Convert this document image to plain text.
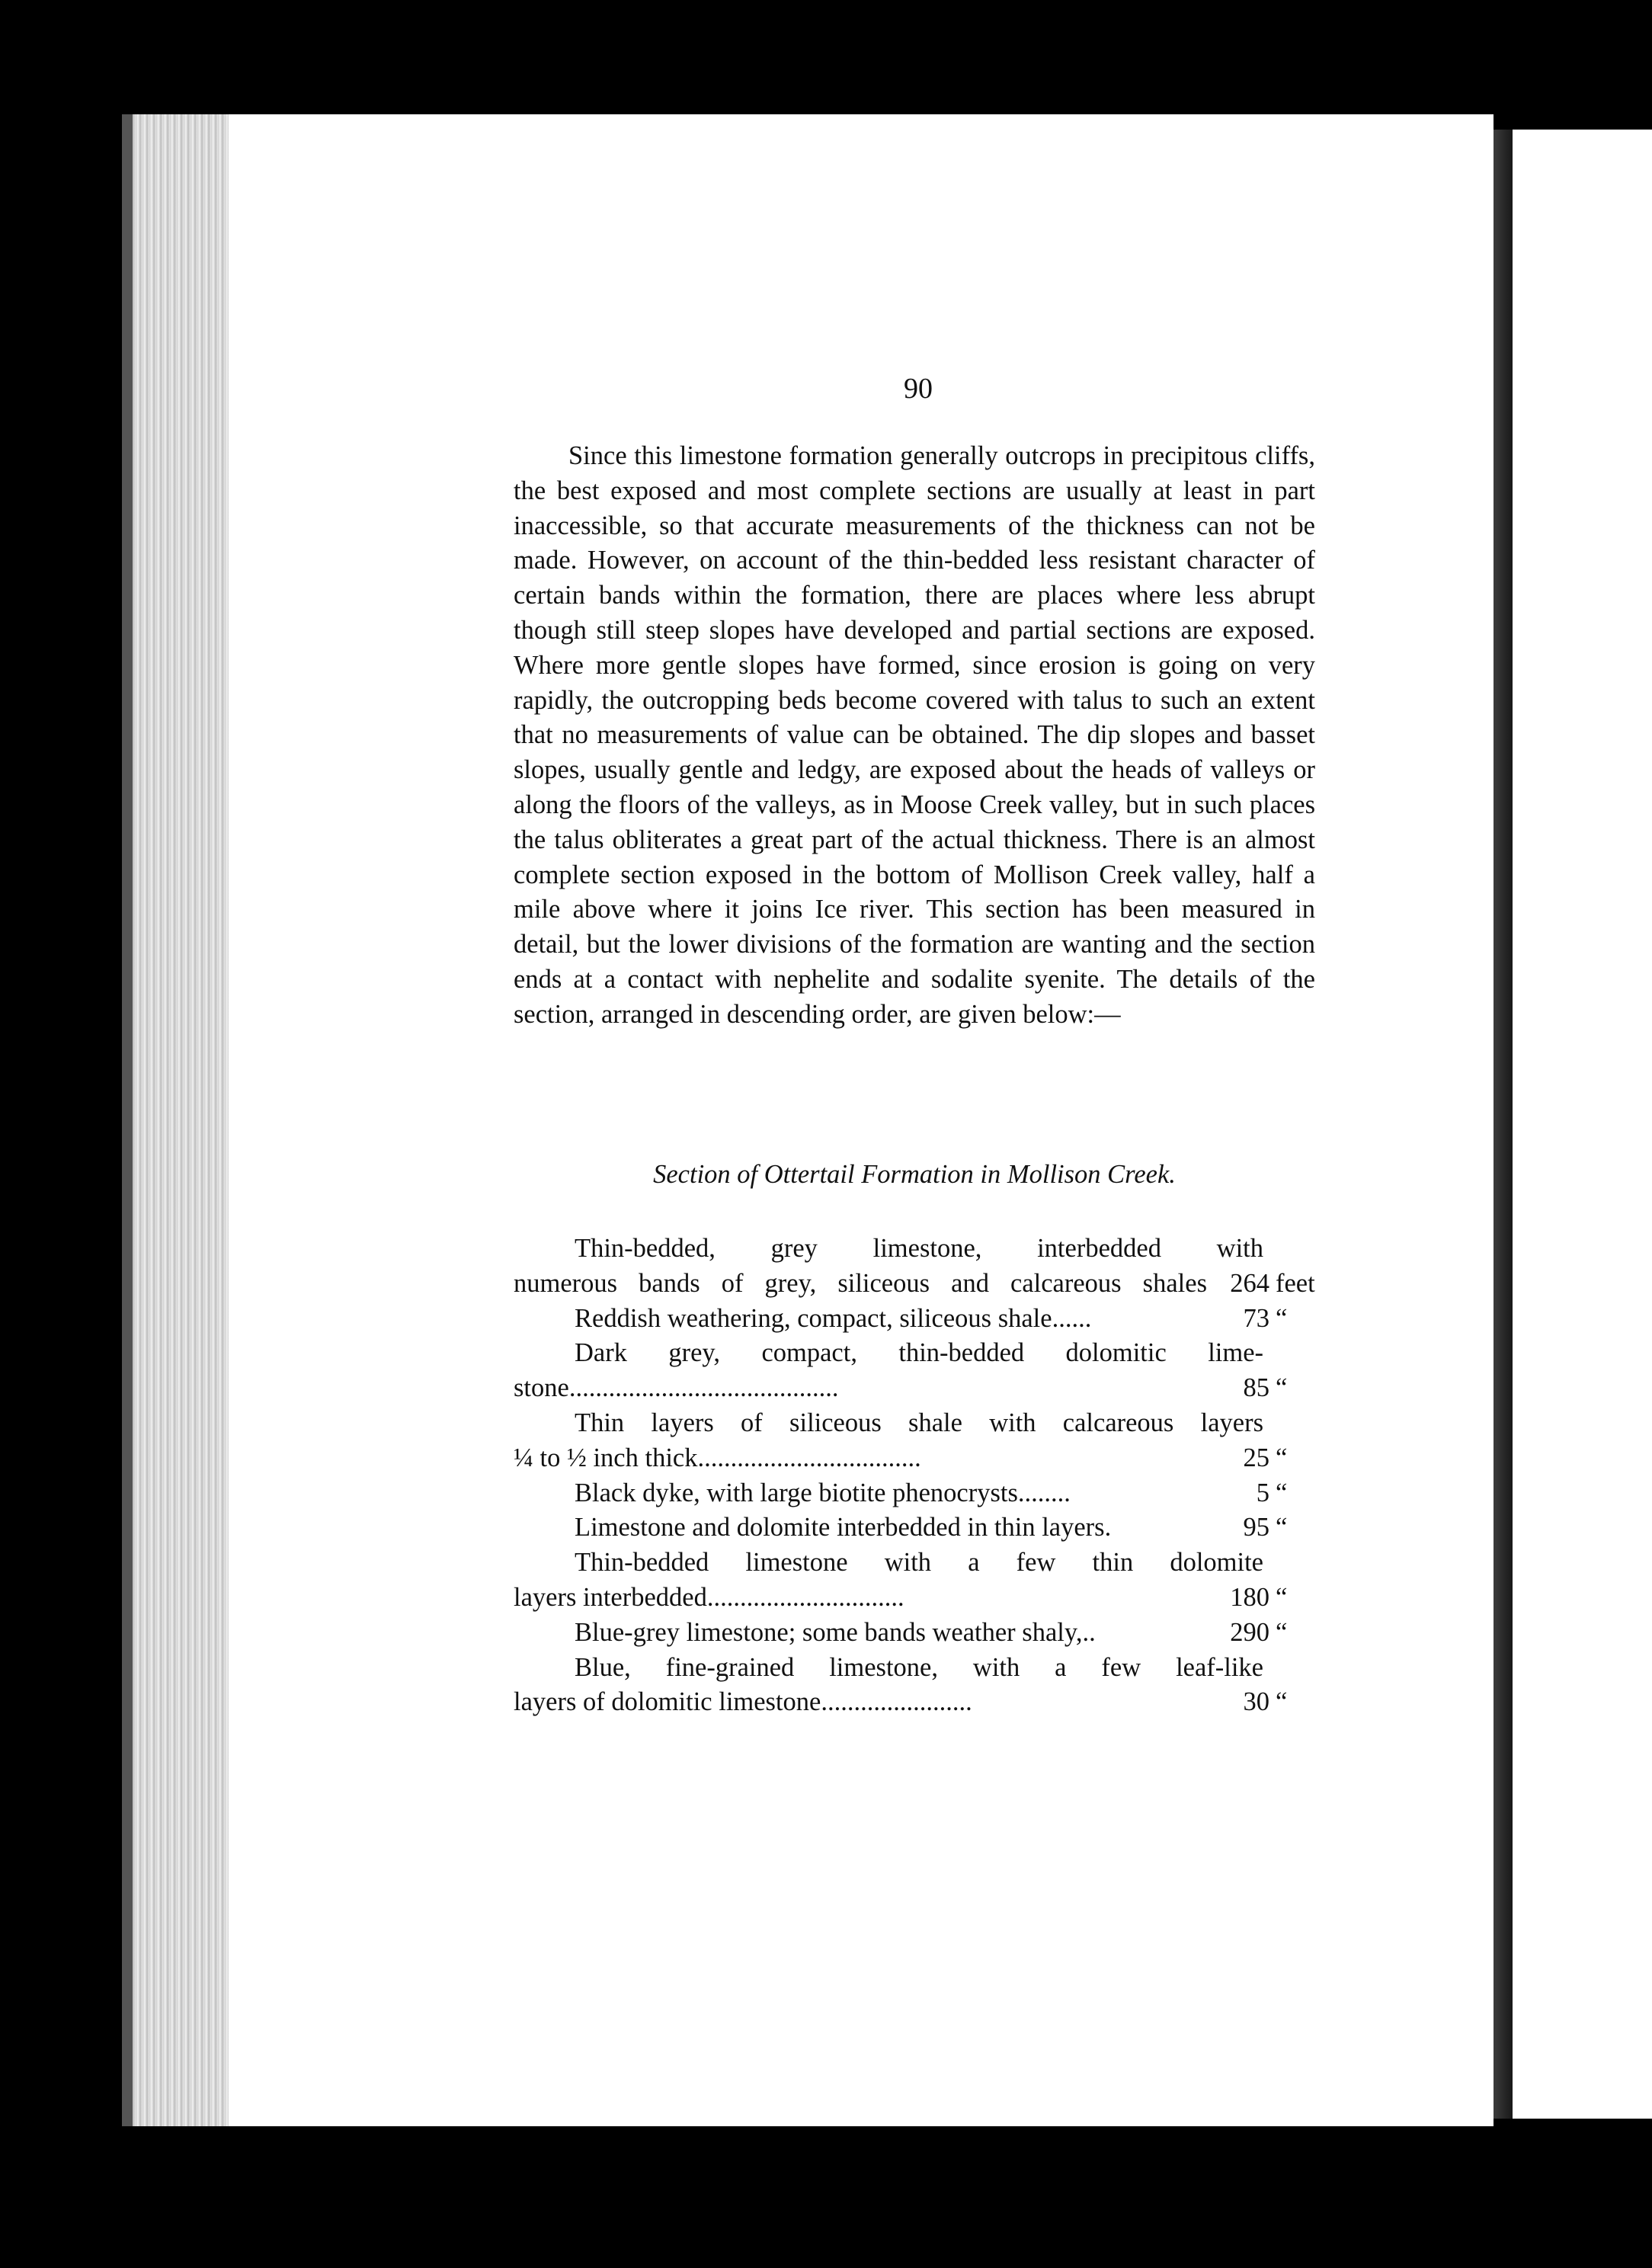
90

Since this limestone formation generally outcrops in precipitous cliffs, the best exposed and most complete sections are usually at least in part inaccessible, so that accurate measurements of the thickness can not be made. However, on account of the thin-bedded less resistant character of certain bands within the formation, there are places where less abrupt though still steep slopes have developed and partial sections are exposed. Where more gentle slopes have formed, since erosion is going on very rapidly, the outcropping beds become covered with talus to such an extent that no measurements of value can be obtained. The dip slopes and basset slopes, usually gentle and ledgy, are exposed about the heads of valleys or along the floors of the valleys, as in Moose Creek valley, but in such places the talus obliterates a great part of the actual thickness. There is an almost complete section exposed in the bottom of Mollison Creek valley, half a mile above where it joins Ice river. This section has been measured in detail, but the lower divisions of the formation are wanting and the section ends at a contact with nephelite and sodalite syenite. The details of the section, arranged in descending order, are given below:—

Section of Ottertail Formation in Mollison Creek.
Thin-bedded, grey limestone, interbedded with
numerous bands of grey, siliceous and calcareous shales 264 feet
Reddish weathering, compact, siliceous shale......	73 “
Dark grey, compact, thin-bedded dolomitic lime-
stone.........................................	85 “
Thin layers of siliceous shale with calcareous layers
¼ to ½ inch thick..................................	25 “
Black dyke, with large biotite phenocrysts........	5 “
Limestone and dolomite interbedded in thin layers.	95 “
Thin-bedded limestone with a few thin dolomite
layers interbedded..............................	180 “
Blue-grey limestone; some bands weather shaly,..	290 “
Blue, fine-grained limestone, with a few leaf-like
layers of dolomitic limestone.......................	30 “
